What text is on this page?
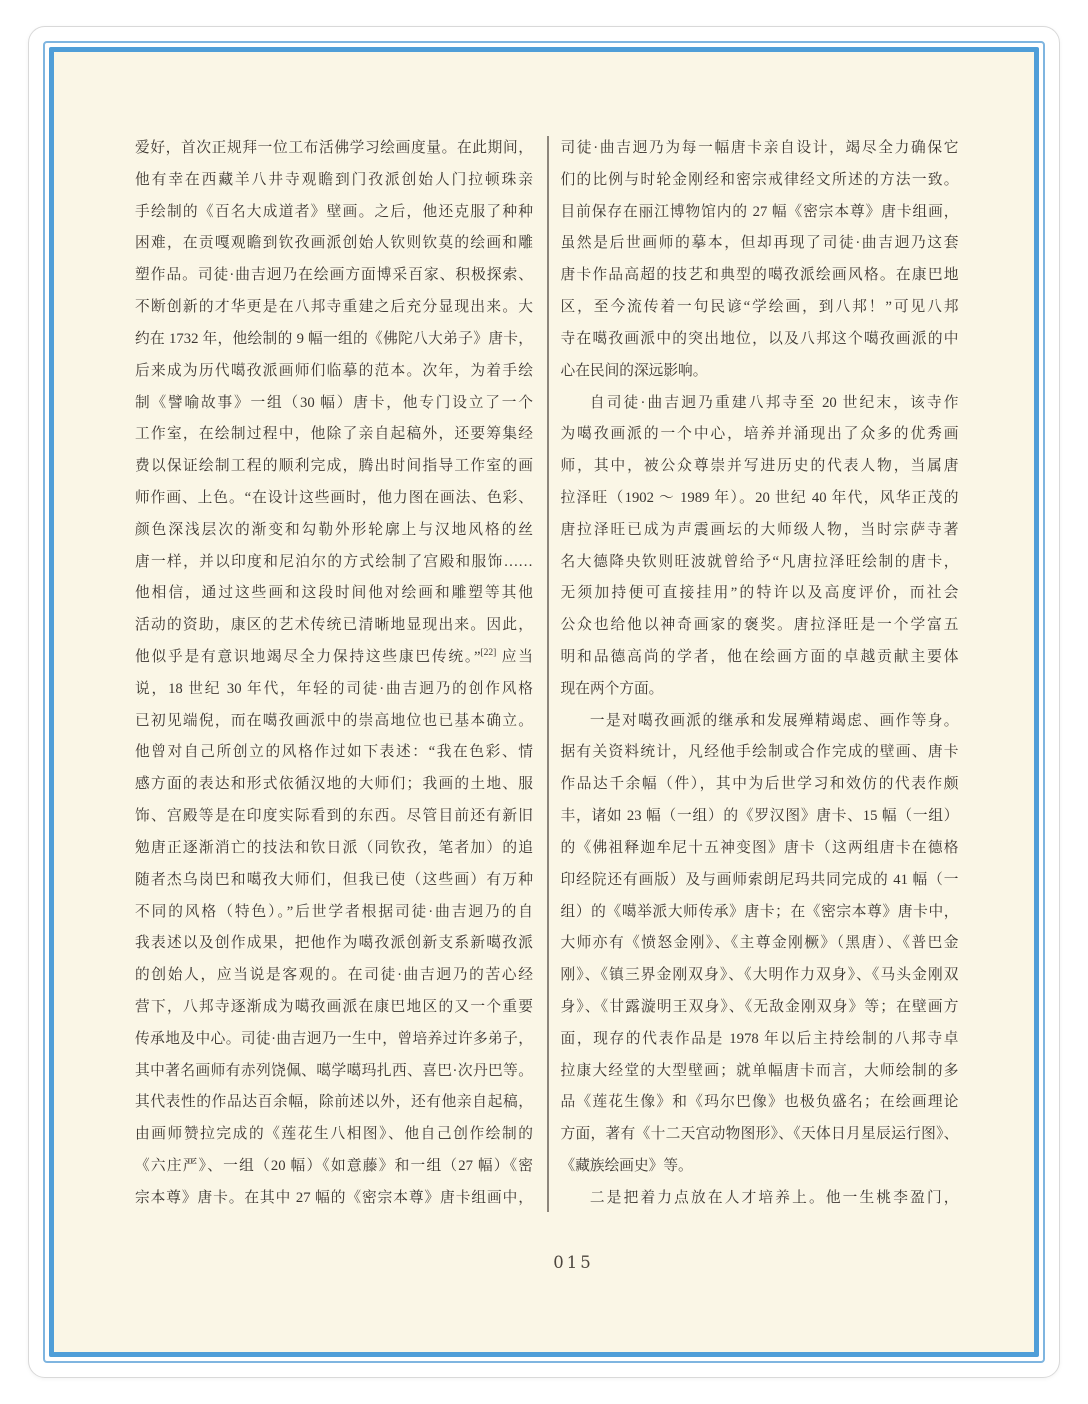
爱好，首次正规拜一位工布活佛学习绘画度量。在此期间，
他有幸在西藏羊八井寺观瞻到门孜派创始人门拉顿珠亲
手绘制的《百名大成道者》壁画。之后，他还克服了种种
困难，在贡嘎观瞻到钦孜画派创始人钦则钦莫的绘画和雕
塑作品。司徒·曲吉迥乃在绘画方面博采百家、积极探索、
不断创新的才华更是在八邦寺重建之后充分显现出来。大
约在 1732 年，他绘制的 9 幅一组的《佛陀八大弟子》唐卡，
后来成为历代噶孜派画师们临摹的范本。次年，为着手绘
制《譬喻故事》一组（30 幅）唐卡，他专门设立了一个
工作室，在绘制过程中，他除了亲自起稿外，还要筹集经
费以保证绘制工程的顺利完成，腾出时间指导工作室的画
师作画、上色。“在设计这些画时，他力图在画法、色彩、
颜色深浅层次的渐变和勾勒外形轮廓上与汉地风格的丝
唐一样，并以印度和尼泊尔的方式绘制了宫殿和服饰……
他相信，通过这些画和这段时间他对绘画和雕塑等其他
活动的资助，康区的艺术传统已清晰地显现出来。因此，
他似乎是有意识地竭尽全力保持这些康巴传统。”[22] 应当
说，18 世纪 30 年代，年轻的司徒·曲吉迥乃的创作风格
已初见端倪，而在噶孜画派中的崇高地位也已基本确立。
他曾对自己所创立的风格作过如下表述：“我在色彩、情
感方面的表达和形式依循汉地的大师们；我画的土地、服
饰、宫殿等是在印度实际看到的东西。尽管目前还有新旧
勉唐正逐渐消亡的技法和钦日派（同钦孜，笔者加）的追
随者杰乌岗巴和噶孜大师们，但我已使（这些画）有万种
不同的风格（特色）。”后世学者根据司徒·曲吉迥乃的自
我表述以及创作成果，把他作为噶孜派创新支系新噶孜派
的创始人，应当说是客观的。在司徒·曲吉迥乃的苦心经
营下，八邦寺逐渐成为噶孜画派在康巴地区的又一个重要
传承地及中心。司徒·曲吉迥乃一生中，曾培养过许多弟子，
其中著名画师有赤列饶佩、噶学噶玛扎西、喜巴·次丹巴等。
其代表性的作品达百余幅，除前述以外，还有他亲自起稿，
由画师赞拉完成的《莲花生八相图》、他自己创作绘制的
《六庄严》、一组（20 幅）《如意藤》和一组（27 幅）《密
宗本尊》唐卡。在其中 27 幅的《密宗本尊》唐卡组画中，
司徒·曲吉迥乃为每一幅唐卡亲自设计，竭尽全力确保它
们的比例与时轮金刚经和密宗戒律经文所述的方法一致。
目前保存在丽江博物馆内的 27 幅《密宗本尊》唐卡组画，
虽然是后世画师的摹本，但却再现了司徒·曲吉迥乃这套
唐卡作品高超的技艺和典型的噶孜派绘画风格。在康巴地
区，至今流传着一句民谚“学绘画，到八邦！”可见八邦
寺在噶孜画派中的突出地位，以及八邦这个噶孜画派的中
心在民间的深远影响。
自司徒·曲吉迥乃重建八邦寺至 20 世纪末，该寺作
为噶孜画派的一个中心，培养并涌现出了众多的优秀画
师，其中，被公众尊崇并写进历史的代表人物，当属唐
拉泽旺（1902 ～ 1989 年）。20 世纪 40 年代，风华正茂的
唐拉泽旺已成为声震画坛的大师级人物，当时宗萨寺著
名大德降央钦则旺波就曾给予“凡唐拉泽旺绘制的唐卡，
无须加持便可直接挂用”的特许以及高度评价，而社会
公众也给他以神奇画家的褒奖。唐拉泽旺是一个学富五
明和品德高尚的学者，他在绘画方面的卓越贡献主要体
现在两个方面。
一是对噶孜画派的继承和发展殚精竭虑、画作等身。
据有关资料统计，凡经他手绘制或合作完成的壁画、唐卡
作品达千余幅（件），其中为后世学习和效仿的代表作颇
丰，诸如 23 幅（一组）的《罗汉图》唐卡、15 幅（一组）
的《佛祖释迦牟尼十五神变图》唐卡（这两组唐卡在德格
印经院还有画版）及与画师索朗尼玛共同完成的 41 幅（一
组）的《噶举派大师传承》唐卡；在《密宗本尊》唐卡中，
大师亦有《愤怒金刚》、《主尊金刚橛》（黑唐）、《普巴金
刚》、《镇三界金刚双身》、《大明作力双身》、《马头金刚双
身》、《甘露漩明王双身》、《无敌金刚双身》等；在壁画方
面，现存的代表作品是 1978 年以后主持绘制的八邦寺卓
拉康大经堂的大型壁画；就单幅唐卡而言，大师绘制的多
品《莲花生像》和《玛尔巴像》也极负盛名；在绘画理论
方面，著有《十二天宫动物图形》、《天体日月星辰运行图》、
《藏族绘画史》等。
二是把着力点放在人才培养上。他一生桃李盈门，
015
